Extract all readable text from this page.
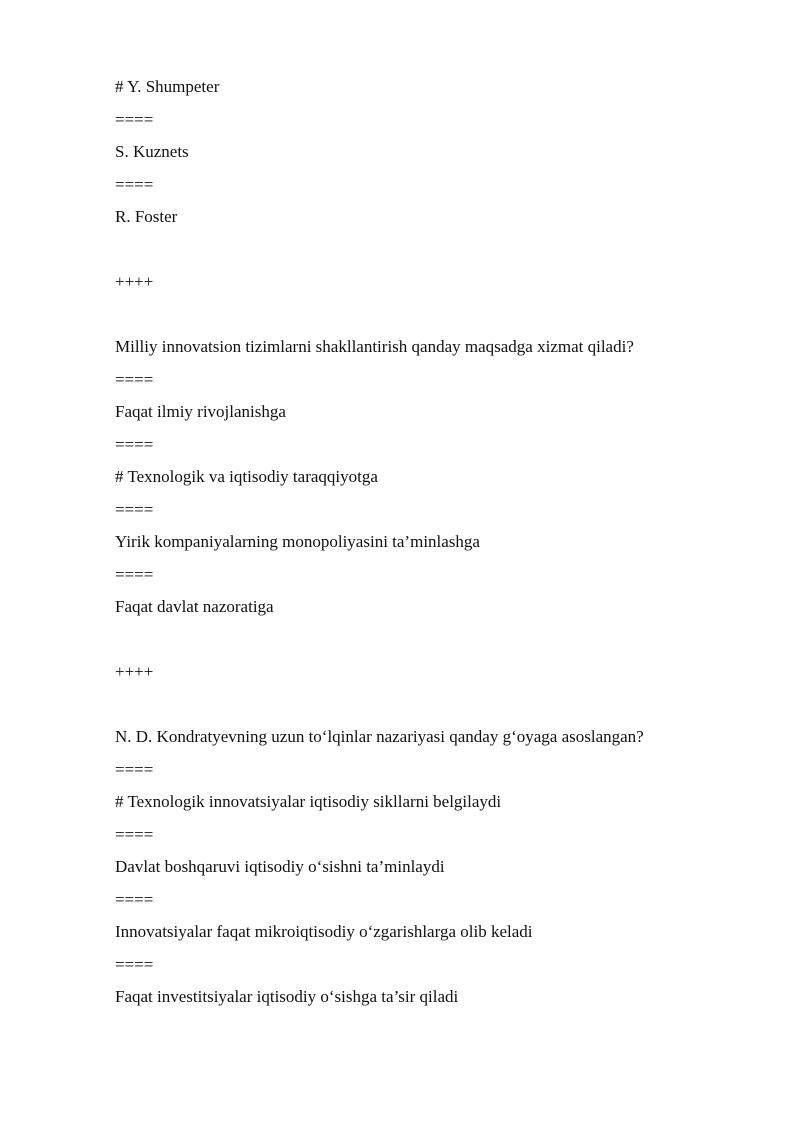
# Y. Shumpeter
====
S. Kuznets
====
R. Foster
++++
Milliy innovatsion tizimlarni shakllantirish qanday maqsadga xizmat qiladi?
====
Faqat ilmiy rivojlanishga
====
# Texnologik va iqtisodiy taraqqiyotga
====
Yirik kompaniyalarning monopoliyasini ta’minlashga
====
Faqat davlat nazoratiga
++++
N. D. Kondratyevning uzun to‘lqinlar nazariyasi qanday g‘oyaga asoslangan?
====
# Texnologik innovatsiyalar iqtisodiy sikllarni belgilaydi
====
Davlat boshqaruvi iqtisodiy o‘sishni ta’minlaydi
====
Innovatsiyalar faqat mikroiqtisodiy o‘zgarishlarga olib keladi
====
Faqat investitsiyalar iqtisodiy o‘sishga ta’sir qiladi
